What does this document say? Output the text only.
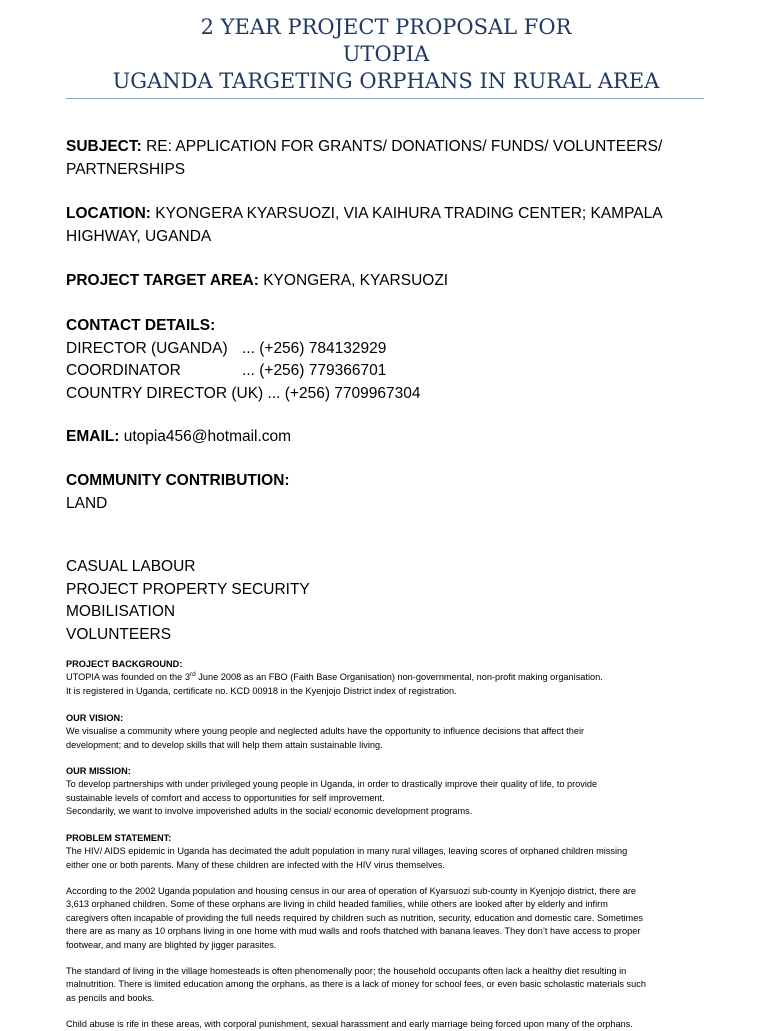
2 YEAR PROJECT PROPOSAL FOR
UTOPIA
UGANDA TARGETING ORPHANS IN RURAL AREA
SUBJECT: RE: APPLICATION FOR GRANTS/ DONATIONS/ FUNDS/ VOLUNTEERS/
PARTNERSHIPS
LOCATION: KYONGERA KYARSUOZI, VIA KAIHURA TRADING CENTER; KAMPALA
HIGHWAY, UGANDA
PROJECT TARGET AREA: KYONGERA, KYARSUOZI
CONTACT DETAILS:
DIRECTOR (UGANDA) ... (+256) 784132929
COORDINATOR	... (+256) 779366701
COUNTRY DIRECTOR (UK) ... (+256) 7709967304
EMAIL: utopia456@hotmail.com
COMMUNITY CONTRIBUTION:
LAND
CASUAL LABOUR
PROJECT PROPERTY SECURITY
MOBILISATION
VOLUNTEERS
PROJECT BACKGROUND:
UTOPIA was founded on the 3rd June 2008 as an FBO (Faith Base Organisation) non-governmental, non-profit making organisation.
It is registered in Uganda, certificate no. KCD 00918 in the Kyenjojo District index of registration.
OUR VISION:
We visualise a community where young people and neglected adults have the opportunity to influence decisions that affect their
development; and to develop skills that will help them attain sustainable living.
OUR MISSION:
To develop partnerships with under privileged young people in Uganda, in order to drastically improve their quality of life, to provide
sustainable levels of comfort and access to opportunities for self improvement.
Secondarily, we want to involve impoverished adults in the social/ economic development programs.
PROBLEM STATEMENT:
The HIV/ AIDS epidemic in Uganda has decimated the adult population in many rural villages, leaving scores of orphaned children missing
either one or both parents. Many of these children are infected with the HIV virus themselves.
According to the 2002 Uganda population and housing census in our area of operation of Kyarsuozi sub-county in Kyenjojo district, there are
3,613 orphaned children. Some of these orphans are living in child headed families, while others are looked after by elderly and infirm
caregivers often incapable of providing the full needs required by children such as nutrition, security, education and domestic care. Sometimes
there are as many as 10 orphans living in one home with mud walls and roofs thatched with banana leaves. They don’t have access to proper
footwear, and many are blighted by jigger parasites.
The standard of living in the village homesteads is often phenomenally poor; the household occupants often lack a healthy diet resulting in
malnutrition. There is limited education among the orphans, as there is a lack of money for school fees, or even basic scholastic materials such
as pencils and books.
Child abuse is rife in these areas, with corporal punishment, sexual harassment and early marriage being forced upon many of the orphans.
